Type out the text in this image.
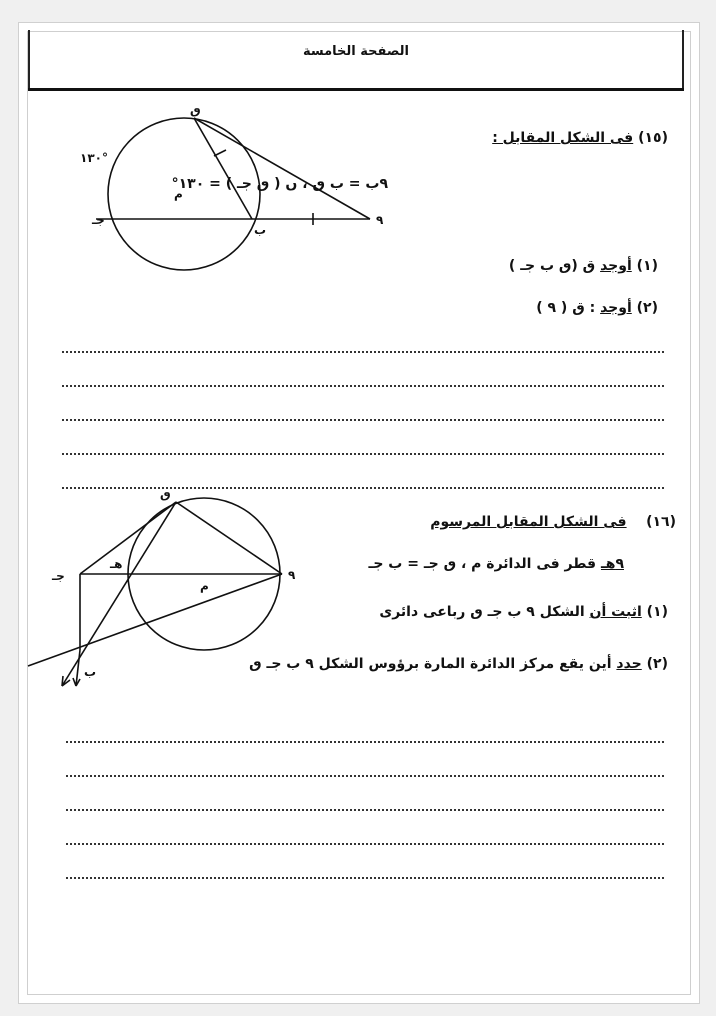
الصفحة الخامسة
(١٥) فى الشكل المقابل :
٩ب = ب ٯ ، ں ( ٯ جـ ) = ١٣٠°
(١) أوجد ق (ٯ ب جـ )
(٢) أوجد : ق ( ٩ )
ٯ
م
جـ
ب
٩
١٣٠°
(١٦)    فى الشكل المقابل المرسوم
٩هـ قطر فى الدائرة م ، ٯ جـ = ب جـ
(١) اثبت أن الشكل ٩ ب جـ ٯ رباعى دائرى
(٢) حدد أين يقع مركز الدائرة المارة برؤوس الشكل ٩ ب جـ ٯ
ٯ
هـ
م
٩
جـ
ب
